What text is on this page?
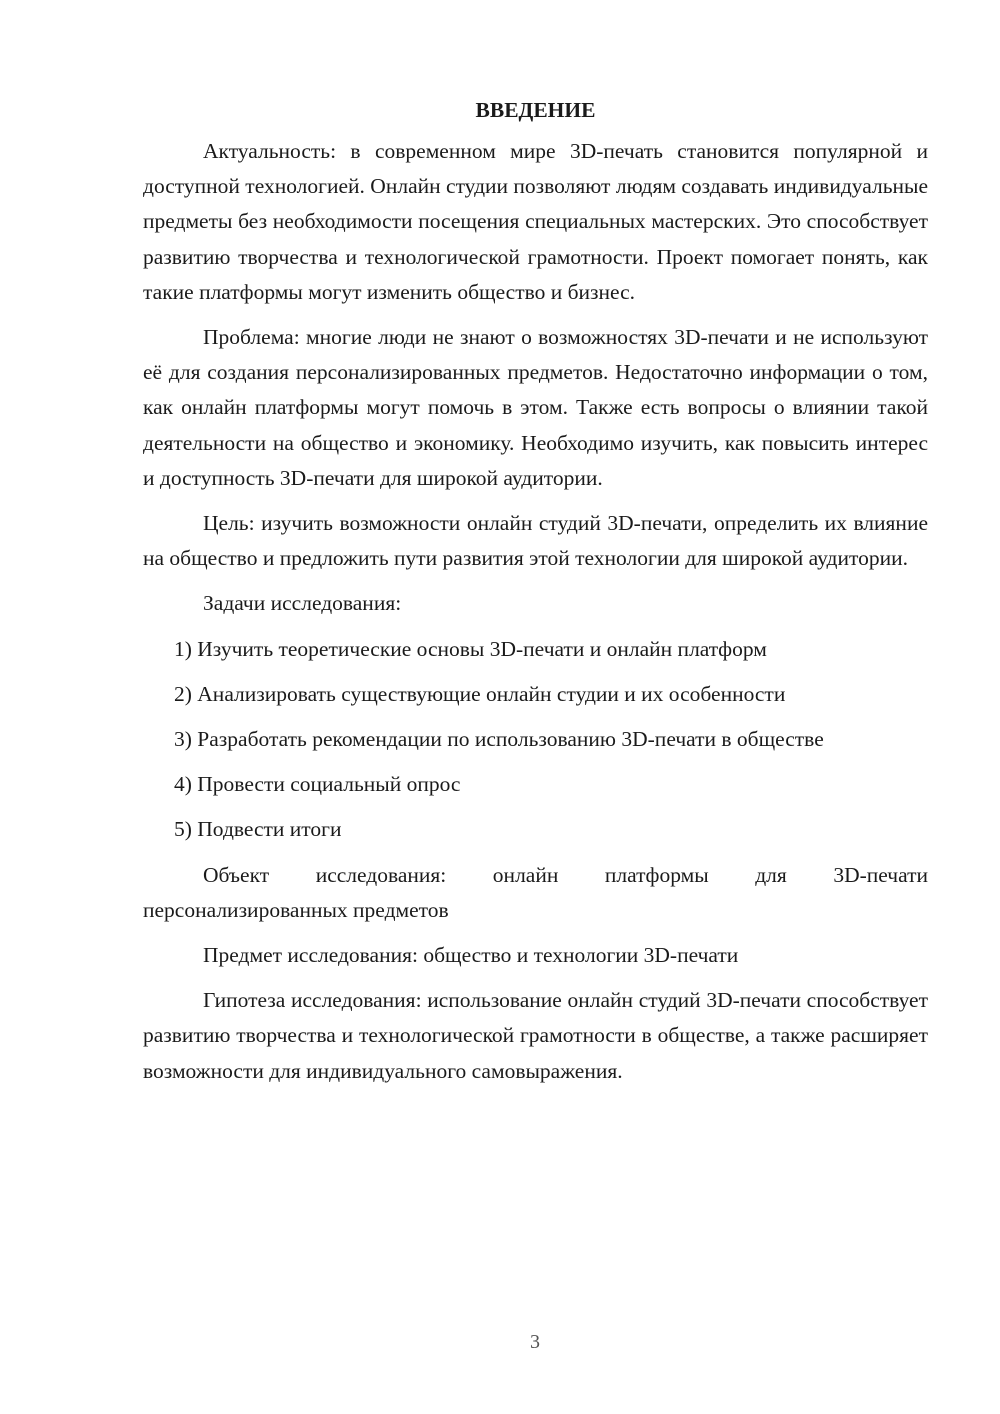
ВВЕДЕНИЕ

Актуальность: в современном мире 3D-печать становится популярной и доступной технологией. Онлайн студии позволяют людям создавать индивидуальные предметы без необходимости посещения специальных мастерских. Это способствует развитию творчества и технологической грамотности. Проект помогает понять, как такие платформы могут изменить общество и бизнес.

Проблема: многие люди не знают о возможностях 3D-печати и не используют её для создания персонализированных предметов. Недостаточно информации о том, как онлайн платформы могут помочь в этом. Также есть вопросы о влиянии такой деятельности на общество и экономику. Необходимо изучить, как повысить интерес и доступность 3D-печати для широкой аудитории.

Цель: изучить возможности онлайн студий 3D-печати, определить их влияние на общество и предложить пути развития этой технологии для широкой аудитории.

Задачи исследования:

1) Изучить теоретические основы 3D-печати и онлайн платформ

2) Анализировать существующие онлайн студии и их особенности

3) Разработать рекомендации по использованию 3D-печати в обществе

4) Провести социальный опрос

5) Подвести итоги

Объект исследования: онлайн платформы для 3D-печати персонализированных предметов

Предмет исследования: общество и технологии 3D-печати

Гипотеза исследования: использование онлайн студий 3D-печати способствует развитию творчества и технологической грамотности в обществе, а также расширяет возможности для индивидуального самовыражения.

3
